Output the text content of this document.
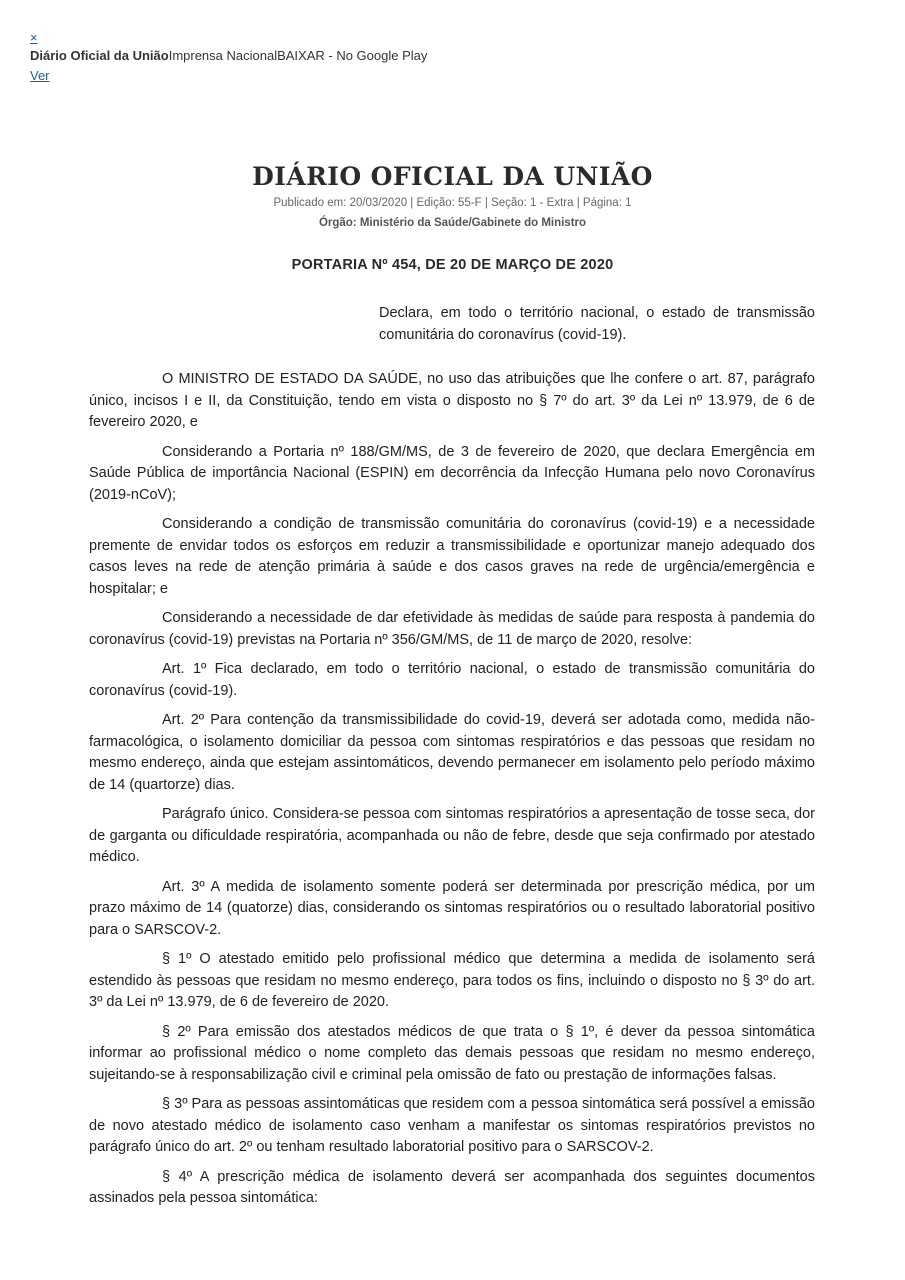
×
Diário Oficial da UniãoImprensa NacionalBAIXAR - No Google Play
Ver
DIÁRIO OFICIAL DA UNIÃO
Publicado em: 20/03/2020 | Edição: 55-F | Seção: 1 - Extra | Página: 1
Órgão: Ministério da Saúde/Gabinete do Ministro
PORTARIA Nº 454, DE 20 DE MARÇO DE 2020
Declara, em todo o território nacional, o estado de transmissão comunitária do coronavírus (covid-19).

O MINISTRO DE ESTADO DA SAÚDE, no uso das atribuições que lhe confere o art. 87, parágrafo único, incisos I e II, da Constituição, tendo em vista o disposto no § 7º do art. 3º da Lei nº 13.979, de 6 de fevereiro 2020, e

Considerando a Portaria nº 188/GM/MS, de 3 de fevereiro de 2020, que declara Emergência em Saúde Pública de importância Nacional (ESPIN) em decorrência da Infecção Humana pelo novo Coronavírus (2019-nCoV);

Considerando a condição de transmissão comunitária do coronavírus (covid-19) e a necessidade premente de envidar todos os esforços em reduzir a transmissibilidade e oportunizar manejo adequado dos casos leves na rede de atenção primária à saúde e dos casos graves na rede de urgência/emergência e hospitalar; e

Considerando a necessidade de dar efetividade às medidas de saúde para resposta à pandemia do coronavírus (covid-19) previstas na Portaria nº 356/GM/MS, de 11 de março de 2020, resolve:

Art. 1º Fica declarado, em todo o território nacional, o estado de transmissão comunitária do coronavírus (covid-19).

Art. 2º Para contenção da transmissibilidade do covid-19, deverá ser adotada como, medida não-farmacológica, o isolamento domiciliar da pessoa com sintomas respiratórios e das pessoas que residam no mesmo endereço, ainda que estejam assintomáticos, devendo permanecer em isolamento pelo período máximo de 14 (quartorze) dias.

Parágrafo único. Considera-se pessoa com sintomas respiratórios a apresentação de tosse seca, dor de garganta ou dificuldade respiratória, acompanhada ou não de febre, desde que seja confirmado por atestado médico.

Art. 3º A medida de isolamento somente poderá ser determinada por prescrição médica, por um prazo máximo de 14 (quatorze) dias, considerando os sintomas respiratórios ou o resultado laboratorial positivo para o SARSCOV-2.

§ 1º O atestado emitido pelo profissional médico que determina a medida de isolamento será estendido às pessoas que residam no mesmo endereço, para todos os fins, incluindo o disposto no § 3º do art. 3º da Lei nº 13.979, de 6 de fevereiro de 2020.

§ 2º Para emissão dos atestados médicos de que trata o § 1º, é dever da pessoa sintomática informar ao profissional médico o nome completo das demais pessoas que residam no mesmo endereço, sujeitando-se à responsabilização civil e criminal pela omissão de fato ou prestação de informações falsas.

§ 3º Para as pessoas assintomáticas que residem com a pessoa sintomática será possível a emissão de novo atestado médico de isolamento caso venham a manifestar os sintomas respiratórios previstos no parágrafo único do art. 2º ou tenham resultado laboratorial positivo para o SARSCOV-2.

§ 4º A prescrição médica de isolamento deverá ser acompanhada dos seguintes documentos assinados pela pessoa sintomática:
